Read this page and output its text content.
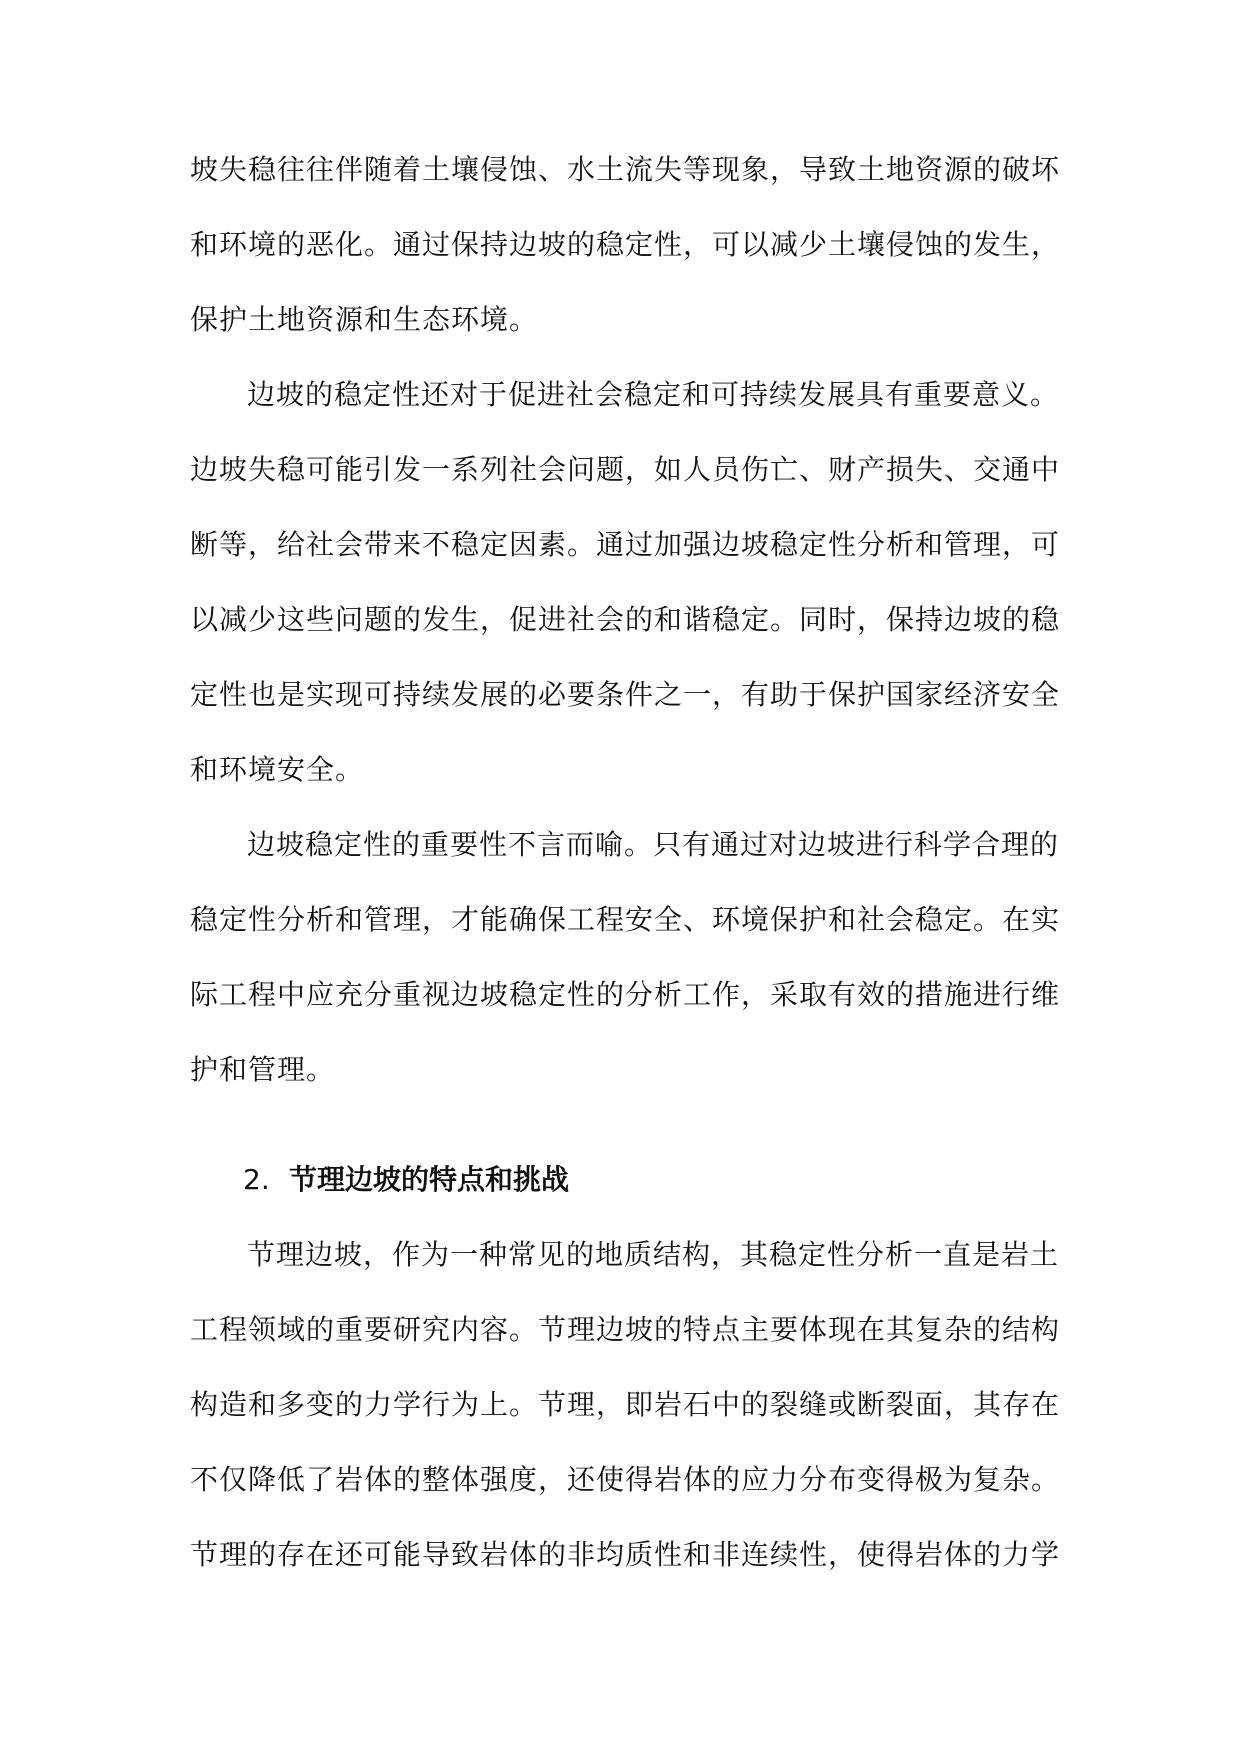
坡失稳往往伴随着土壤侵蚀、水土流失等现象，导致土地资源的破坏
和环境的恶化。通过保持边坡的稳定性，可以减少土壤侵蚀的发生，
保护土地资源和生态环境。
边坡的稳定性还对于促进社会稳定和可持续发展具有重要意义。
边坡失稳可能引发一系列社会问题，如人员伤亡、财产损失、交通中
断等，给社会带来不稳定因素。通过加强边坡稳定性分析和管理，可
以减少这些问题的发生，促进社会的和谐稳定。同时，保持边坡的稳
定性也是实现可持续发展的必要条件之一，有助于保护国家经济安全
和环境安全。
边坡稳定性的重要性不言而喻。只有通过对边坡进行科学合理的
稳定性分析和管理，才能确保工程安全、环境保护和社会稳定。在实
际工程中应充分重视边坡稳定性的分析工作，采取有效的措施进行维
护和管理。
2. 节理边坡的特点和挑战
节理边坡，作为一种常见的地质结构，其稳定性分析一直是岩土
工程领域的重要研究内容。节理边坡的特点主要体现在其复杂的结构
构造和多变的力学行为上。节理，即岩石中的裂缝或断裂面，其存在
不仅降低了岩体的整体强度，还使得岩体的应力分布变得极为复杂。
节理的存在还可能导致岩体的非均质性和非连续性，使得岩体的力学
